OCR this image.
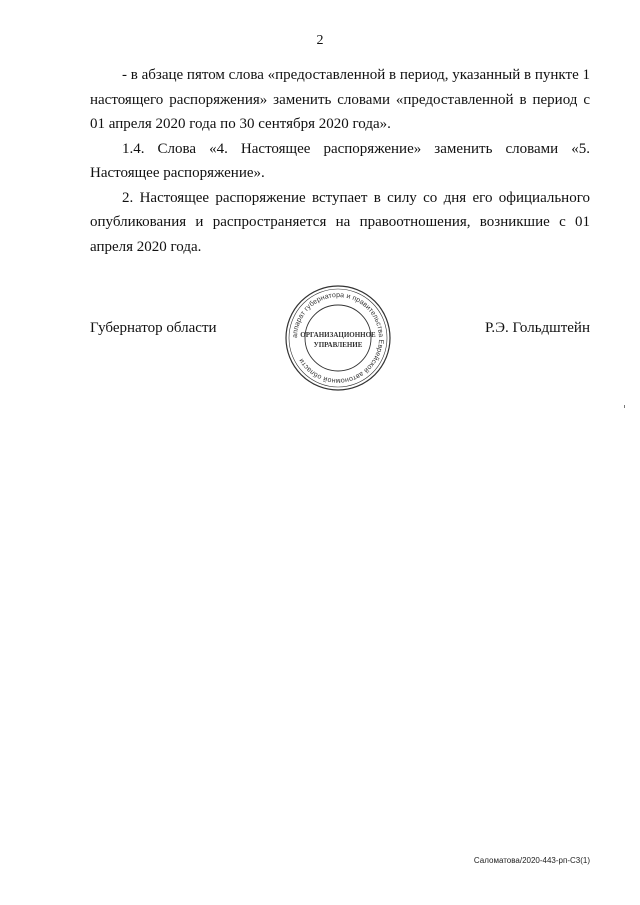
2

- в абзаце пятом слова «предоставленной в период, указанный в пункте 1 настоящего распоряжения» заменить словами «предоставленной в период с 01 апреля 2020 года по 30 сентября 2020 года».

1.4. Слова «4. Настоящее распоряжение» заменить словами «5. Настоящее распоряжение».

2. Настоящее распоряжение вступает в силу со дня его официального опубликования и распространяется на правоотношения, возникшие с 01 апреля 2020 года.

Губернатор области	Р.Э. Гольдштейн
аппарат губернатора и правительства Еврейской автономной области
ОРГАНИЗАЦИОННОЕ
УПРАВЛЕНИЕ
Саломатова/2020-443-рп-С3(1)
